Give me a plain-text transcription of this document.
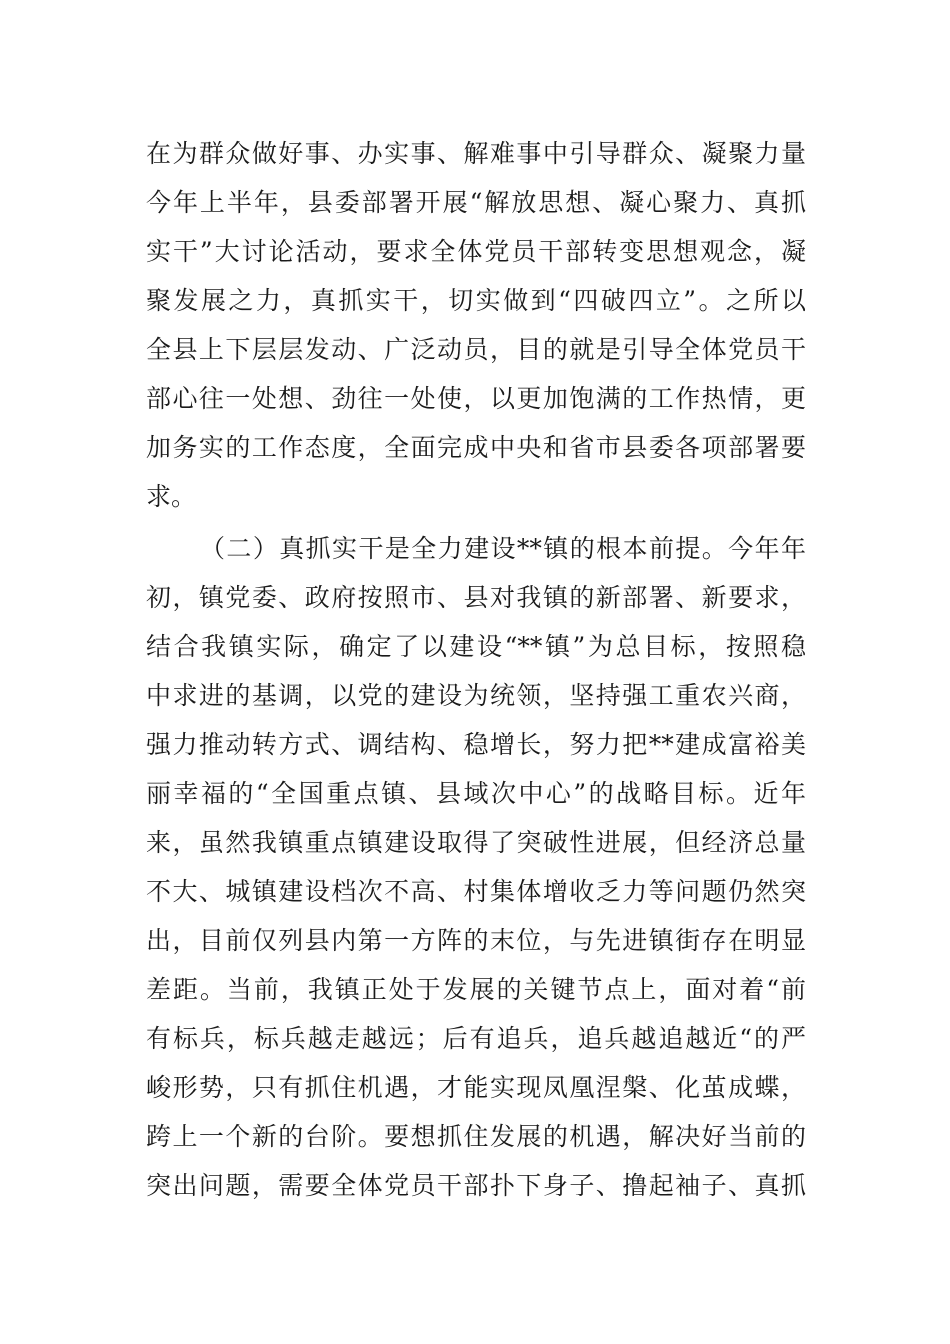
在为群众做好事、办实事、解难事中引导群众、凝聚力量
今年上半年，县委部署开展“解放思想、凝心聚力、真抓
实干”大讨论活动，要求全体党员干部转变思想观念，凝
聚发展之力，真抓实干，切实做到“四破四立”。之所以
全县上下层层发动、广泛动员，目的就是引导全体党员干
部心往一处想、劲往一处使，以更加饱满的工作热情，更
加务实的工作态度，全面完成中央和省市县委各项部署要
求。
（二）真抓实干是全力建设**镇的根本前提。今年年
初，镇党委、政府按照市、县对我镇的新部署、新要求，
结合我镇实际，确定了以建设“**镇”为总目标，按照稳
中求进的基调，以党的建设为统领，坚持强工重农兴商，
强力推动转方式、调结构、稳增长，努力把**建成富裕美
丽幸福的“全国重点镇、县域次中心”的战略目标。近年
来，虽然我镇重点镇建设取得了突破性进展，但经济总量
不大、城镇建设档次不高、村集体增收乏力等问题仍然突
出，目前仅列县内第一方阵的末位，与先进镇街存在明显
差距。当前，我镇正处于发展的关键节点上，面对着“前
有标兵，标兵越走越远；后有追兵，追兵越追越近“的严
峻形势，只有抓住机遇，才能实现凤凰涅槃、化茧成蝶，
跨上一个新的台阶。要想抓住发展的机遇，解决好当前的
突出问题，需要全体党员干部扑下身子、撸起袖子、真抓
